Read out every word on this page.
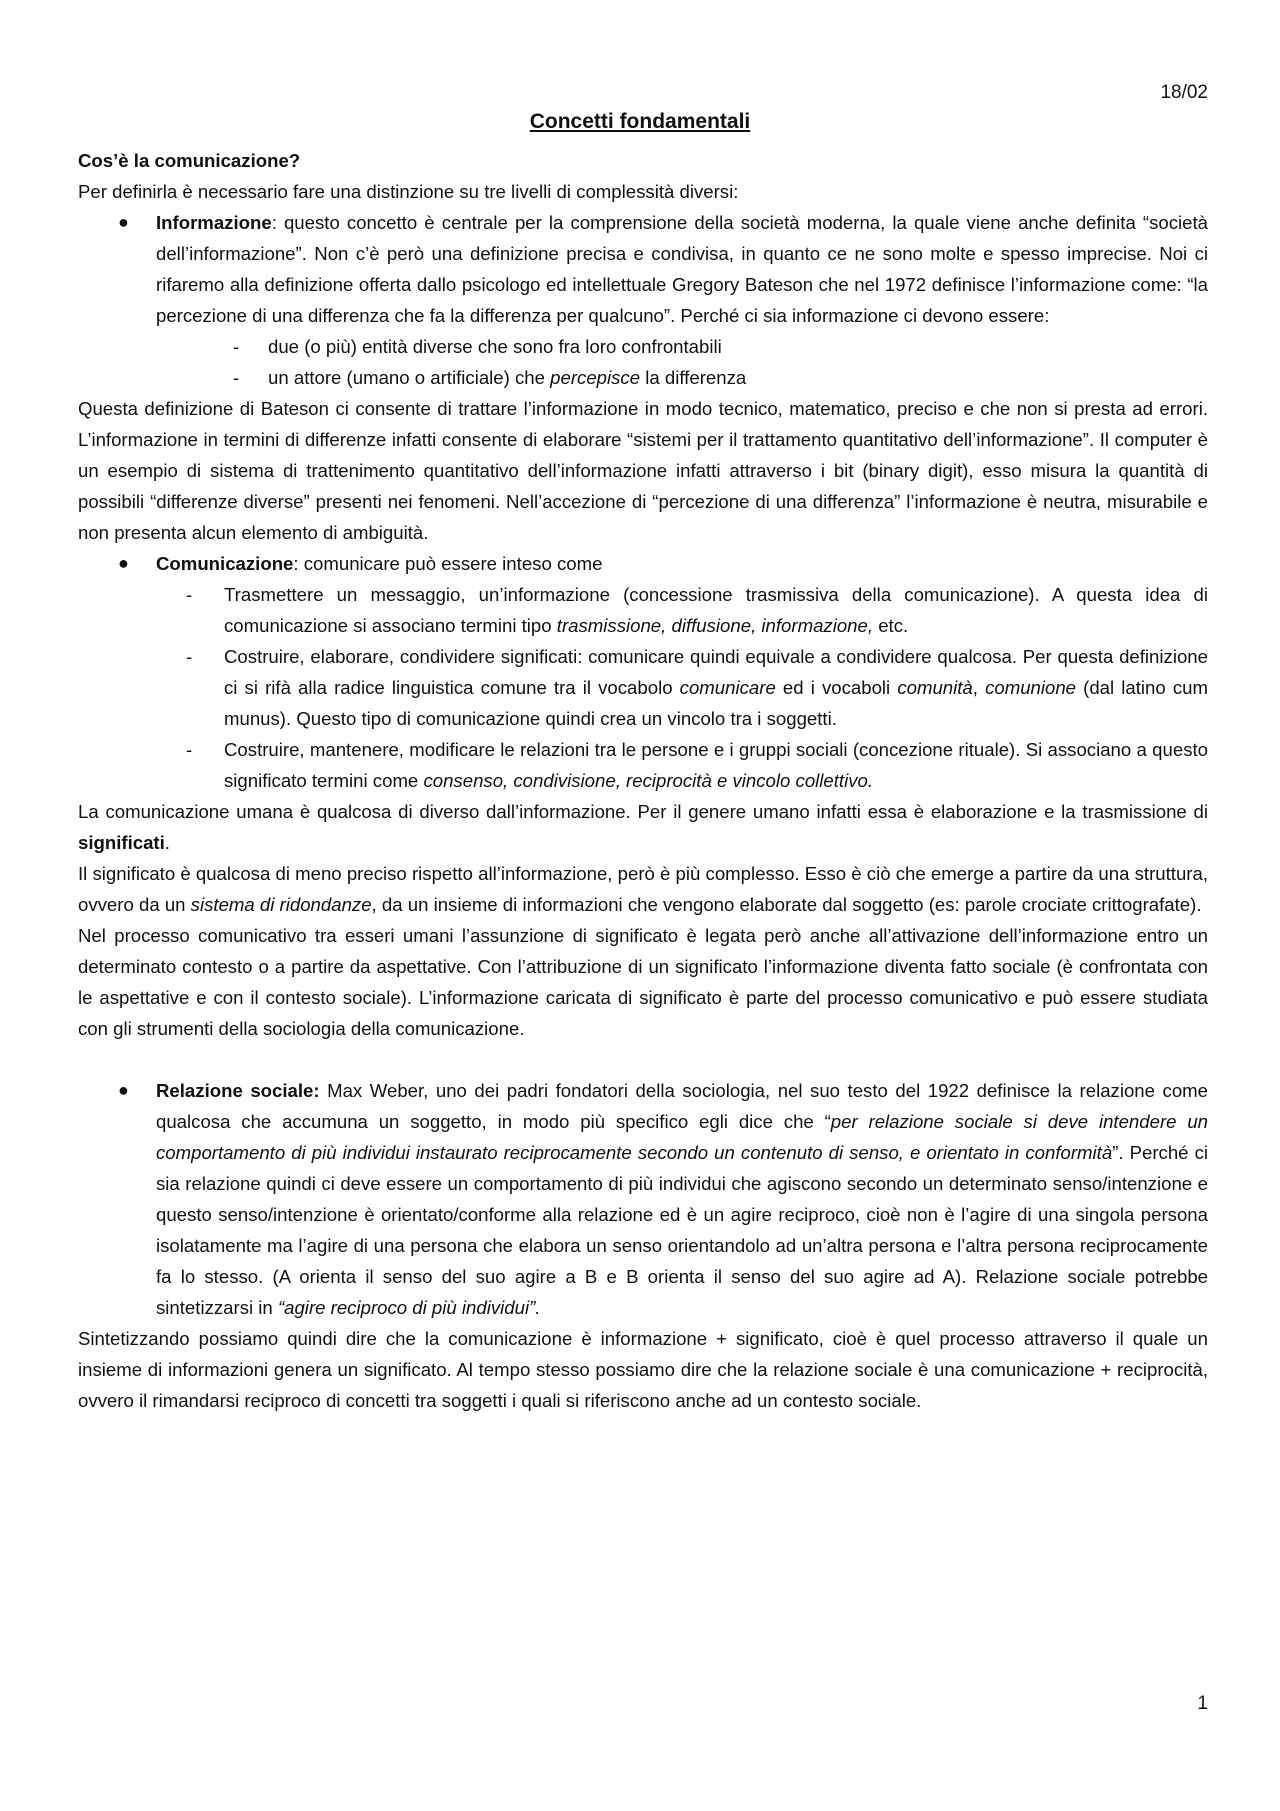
18/02
Concetti fondamentali

Cos’è la comunicazione?

Per definirla è necessario fare una distinzione su tre livelli di complessità diversi:

● Informazione: questo concetto è centrale per la comprensione della società moderna, la quale viene anche definita “società dell’informazione”. Non c’è però una definizione precisa e condivisa, in quanto ce ne sono molte e spesso imprecise. Noi ci rifaremo alla definizione offerta dallo psicologo ed intellettuale Gregory Bateson che nel 1972 definisce l’informazione come: “la percezione di una differenza che fa la differenza per qualcuno”. Perché ci sia informazione ci devono essere:

- due (o più) entità diverse che sono fra loro confrontabili

- un attore (umano o artificiale) che percepisce la differenza

Questa definizione di Bateson ci consente di trattare l’informazione in modo tecnico, matematico, preciso e che non si presta ad errori. L’informazione in termini di differenze infatti consente di elaborare “sistemi per il trattamento quantitativo dell’informazione”. Il computer è un esempio di sistema di trattenimento quantitativo dell’informazione infatti attraverso i bit (binary digit), esso misura la quantità di possibili “differenze diverse” presenti nei fenomeni. Nell’accezione di “percezione di una differenza” l’informazione è neutra, misurabile e non presenta alcun elemento di ambiguità.

● Comunicazione: comunicare può essere inteso come

- Trasmettere un messaggio, un’informazione (concessione trasmissiva della comunicazione). A questa idea di comunicazione si associano termini tipo trasmissione, diffusione, informazione, etc.

- Costruire, elaborare, condividere significati: comunicare quindi equivale a condividere qualcosa. Per questa definizione ci si rifà alla radice linguistica comune tra il vocabolo comunicare ed i vocaboli comunità, comunione (dal latino cum munus). Questo tipo di comunicazione quindi crea un vincolo tra i soggetti.

- Costruire, mantenere, modificare le relazioni tra le persone e i gruppi sociali (concezione rituale). Si associano a questo significato termini come consenso, condivisione, reciprocità e vincolo collettivo.

La comunicazione umana è qualcosa di diverso dall’informazione. Per il genere umano infatti essa è elaborazione e la trasmissione di significati.

Il significato è qualcosa di meno preciso rispetto all’informazione, però è più complesso. Esso è ciò che emerge a partire da una struttura, ovvero da un sistema di ridondanze, da un insieme di informazioni che vengono elaborate dal soggetto (es: parole crociate crittografate).

Nel processo comunicativo tra esseri umani l’assunzione di significato è legata però anche all’attivazione dell’informazione entro un determinato contesto o a partire da aspettative. Con l’attribuzione di un significato l’informazione diventa fatto sociale (è confrontata con le aspettative e con il contesto sociale). L’informazione caricata di significato è parte del processo comunicativo e può essere studiata con gli strumenti della sociologia della comunicazione.

● Relazione sociale: Max Weber, uno dei padri fondatori della sociologia, nel suo testo del 1922 definisce la relazione come qualcosa che accumuna un soggetto, in modo più specifico egli dice che “per relazione sociale si deve intendere un comportamento di più individui instaurato reciprocamente secondo un contenuto di senso, e orientato in conformità”. Perché ci sia relazione quindi ci deve essere un comportamento di più individui che agiscono secondo un determinato senso/intenzione e questo senso/intenzione è orientato/conforme alla relazione ed è un agire reciproco, cioè non è l’agire di una singola persona isolatamente ma l’agire di una persona che elabora un senso orientandolo ad un’altra persona e l’altra persona reciprocamente fa lo stesso. (A orienta il senso del suo agire a B e B orienta il senso del suo agire ad A). Relazione sociale potrebbe sintetizzarsi in “agire reciproco di più individui”.

Sintetizzando possiamo quindi dire che la comunicazione è informazione + significato, cioè è quel processo attraverso il quale un insieme di informazioni genera un significato. Al tempo stesso possiamo dire che la relazione sociale è una comunicazione + reciprocità, ovvero il rimandarsi reciproco di concetti tra soggetti i quali si riferiscono anche ad un contesto sociale.

1
